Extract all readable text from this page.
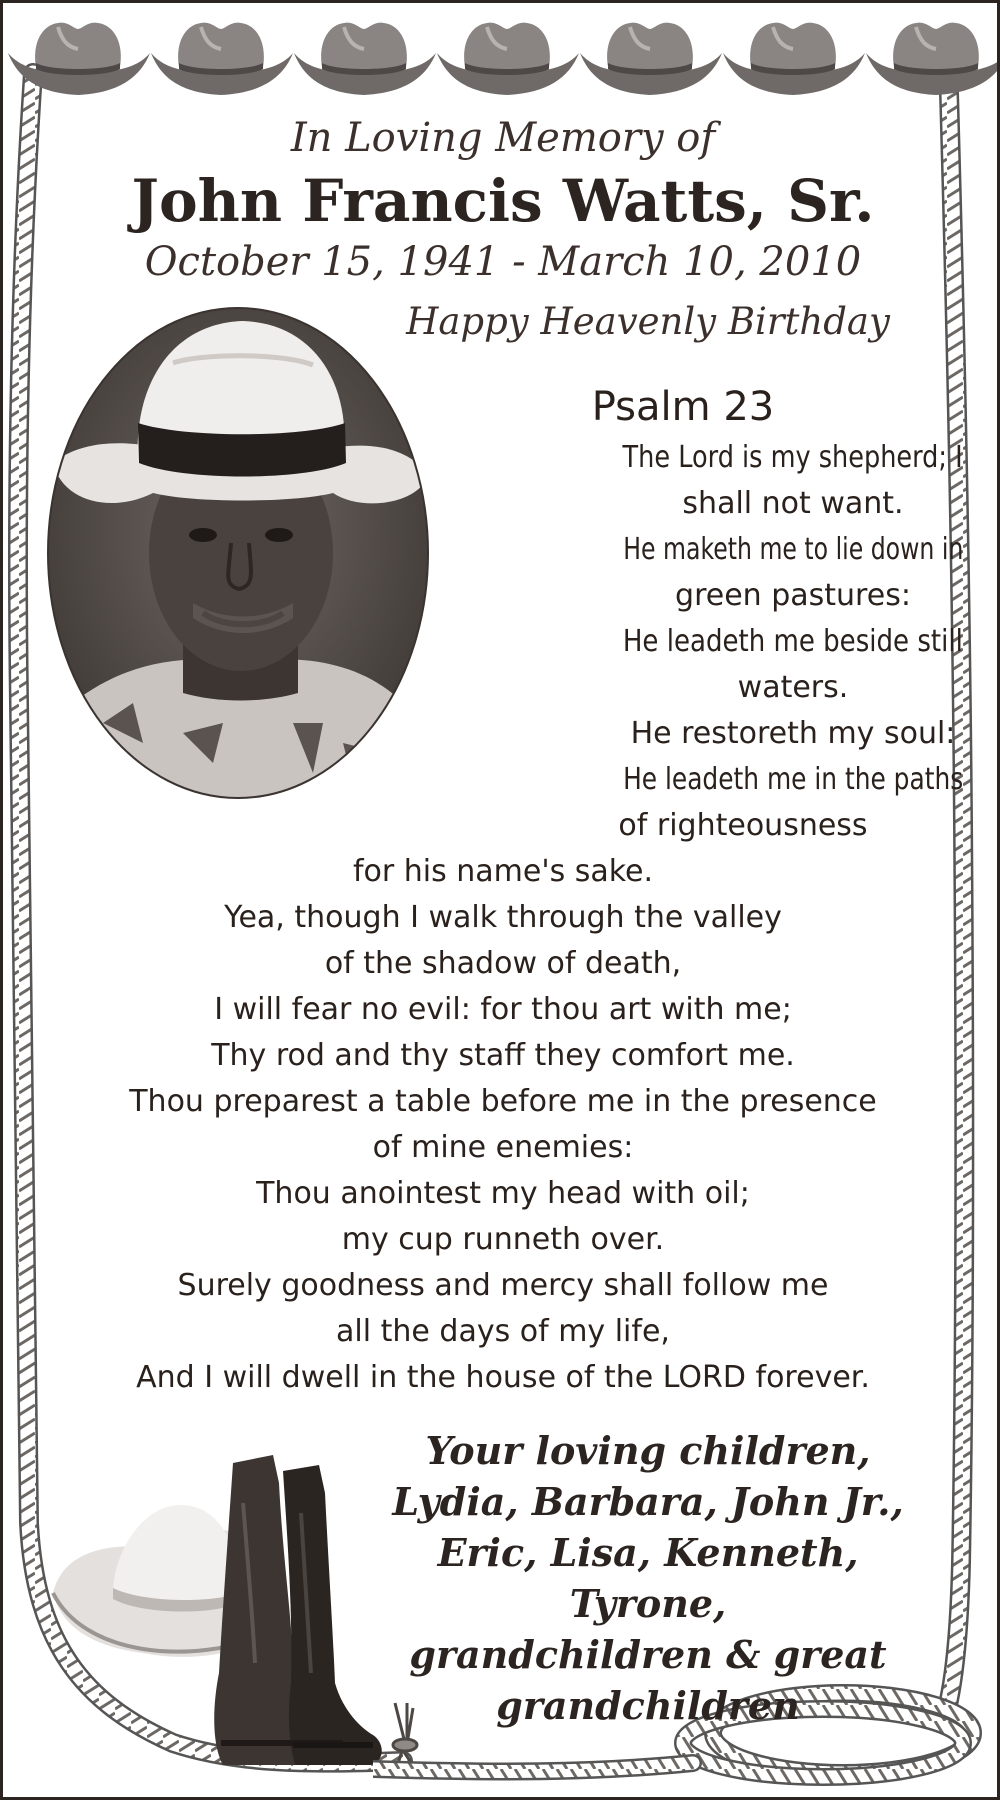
In Loving Memory of
John Francis Watts, Sr.
October 15, 1941 - March 10, 2010
Happy Heavenly Birthday
Psalm 23
The Lord is my shepherd; I
shall not want.
He maketh me to lie down in
green pastures:
He leadeth me beside still
waters.
He restoreth my soul:
He leadeth me in the paths
of righteousness
for his name's sake.
Yea, though I walk through the valley
of the shadow of death,
I will fear no evil: for thou art with me;
Thy rod and thy staff they comfort me.
Thou preparest a table before me in the presence
of mine enemies:
Thou anointest my head with oil;
my cup runneth over.
Surely goodness and mercy shall follow me
all the days of my life,
And I will dwell in the house of the LORD forever.
Your loving children,
Lydia, Barbara, John Jr.,
Eric, Lisa, Kenneth, Tyrone,
grandchildren & great
grandchildren
